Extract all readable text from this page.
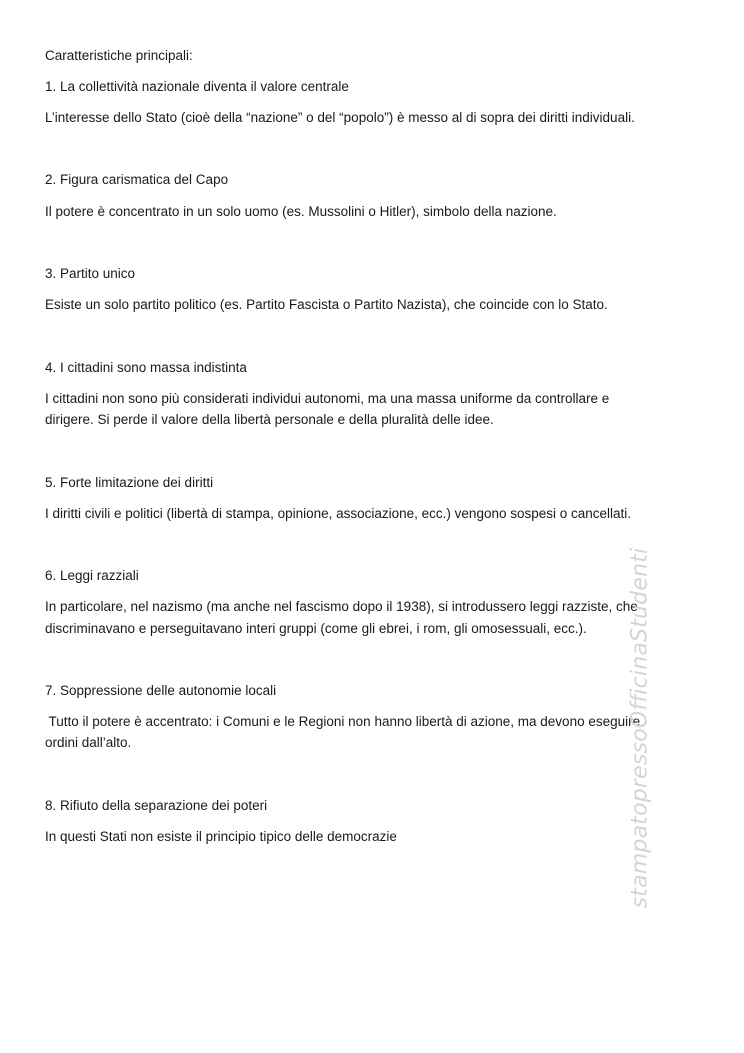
Caratteristiche principali:
1. La collettività nazionale diventa il valore centrale
L’interesse dello Stato (cioè della “nazione” o del “popolo”) è messo al di sopra dei diritti individuali.
2. Figura carismatica del Capo
Il potere è concentrato in un solo uomo (es. Mussolini o Hitler), simbolo della nazione.
3. Partito unico
Esiste un solo partito politico (es. Partito Fascista o Partito Nazista), che coincide con lo Stato.
4. I cittadini sono massa indistinta
I cittadini non sono più considerati individui autonomi, ma una massa uniforme da controllare e
dirigere. Si perde il valore della libertà personale e della pluralità delle idee.
5. Forte limitazione dei diritti
I diritti civili e politici (libertà di stampa, opinione, associazione, ecc.) vengono sospesi o cancellati.
6. Leggi razziali
In particolare, nel nazismo (ma anche nel fascismo dopo il 1938), si introdussero leggi razziste, che
discriminavano e perseguitavano interi gruppi (come gli ebrei, i rom, gli omosessuali, ecc.).
7. Soppressione delle autonomie locali
Tutto il potere è accentrato: i Comuni e le Regioni non hanno libertà di azione, ma devono eseguire
ordini dall’alto.
8. Rifiuto della separazione dei poteri
In questi Stati non esiste il principio tipico delle democrazie	stampatopressoOfficinaStudenti
